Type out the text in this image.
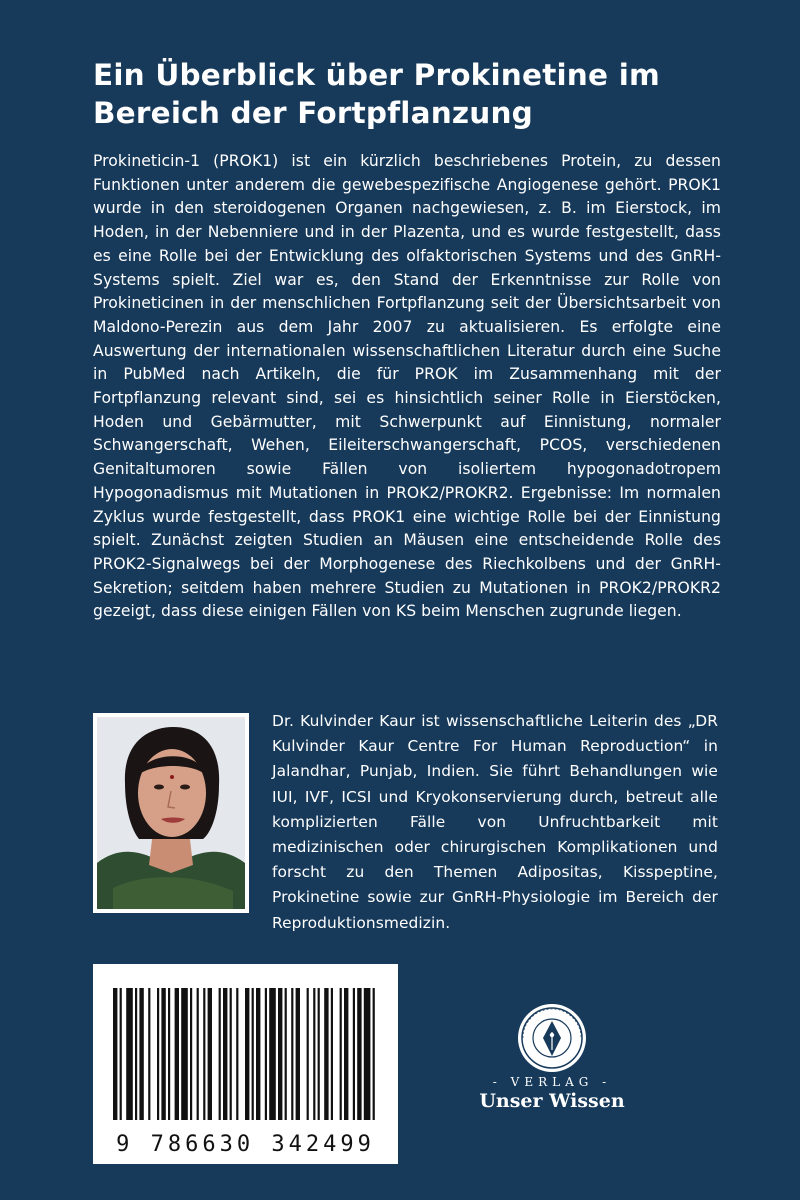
Ein Überblick über Prokinetine im Bereich der Fortpflanzung
Prokineticin-1 (PROK1) ist ein kürzlich beschriebenes Protein, zu dessen Funktionen unter anderem die gewebespezifische Angiogenese gehört. PROK1 wurde in den steroidogenen Organen nachgewiesen, z. B. im Eierstock, im Hoden, in der Nebenniere und in der Plazenta, und es wurde festgestellt, dass es eine Rolle bei der Entwicklung des olfaktorischen Systems und des GnRH-Systems spielt. Ziel war es, den Stand der Erkenntnisse zur Rolle von Prokineticinen in der menschlichen Fortpflanzung seit der Übersichtsarbeit von Maldono-Perezin aus dem Jahr 2007 zu aktualisieren. Es erfolgte eine Auswertung der internationalen wissenschaftlichen Literatur durch eine Suche in PubMed nach Artikeln, die für PROK im Zusammenhang mit der Fortpflanzung relevant sind, sei es hinsichtlich seiner Rolle in Eierstöcken, Hoden und Gebärmutter, mit Schwerpunkt auf Einnistung, normaler Schwangerschaft, Wehen, Eileiterschwangerschaft, PCOS, verschiedenen Genitaltumoren sowie Fällen von isoliertem hypogonadotropem Hypogonadismus mit Mutationen in PROK2/PROKR2. Ergebnisse: Im normalen Zyklus wurde festgestellt, dass PROK1 eine wichtige Rolle bei der Einnistung spielt. Zunächst zeigten Studien an Mäusen eine entscheidende Rolle des PROK2-Signalwegs bei der Morphogenese des Riechkolbens und der GnRH-Sekretion; seitdem haben mehrere Studien zu Mutationen in PROK2/PROKR2 gezeigt, dass diese einigen Fällen von KS beim Menschen zugrunde liegen.
Dr. Kulvinder Kaur ist wissenschaftliche Leiterin des „DR Kulvinder Kaur Centre For Human Reproduction“ in Jalandhar, Punjab, Indien. Sie führt Behandlungen wie IUI, IVF, ICSI und Kryokonservierung durch, betreut alle komplizierten Fälle von Unfruchtbarkeit mit medizinischen oder chirurgischen Komplikationen und forscht zu den Themen Adipositas, Kisspeptine, Prokinetine sowie zur GnRH-Physiologie im Bereich der Reproduktionsmedizin.
9 786630 342499
- VERLAG -
Unser Wissen
